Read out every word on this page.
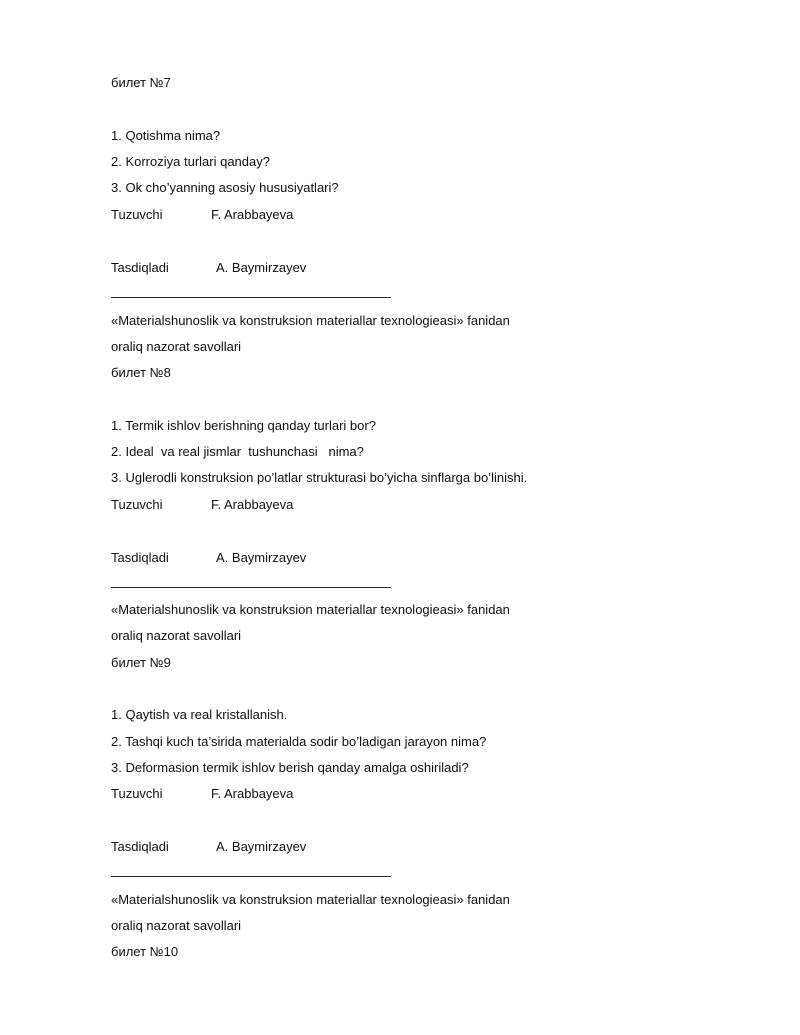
билет №7
1. Qotishma nima?
2. Korroziya turlari qanday?
3. Ok cho’yanning asosiy hususiyatlari?
Tuzuvchi	F. Arabbayeva
Tasdiqladi	A. Baymirzayev
«Materialshunoslik va konstruksion materiallar texnologieasi» fanidan
oraliq nazorat savollari
билет №8
1. Termik ishlov berishning qanday turlari bor?
2. Ideal  va real jismlar  tushunchasi   nima?
3. Uglerodli konstruksion po’latlar strukturasi bo’yicha sinflarga bo’linishi.
Tuzuvchi	F. Arabbayeva
Tasdiqladi	A. Baymirzayev
«Materialshunoslik va konstruksion materiallar texnologieasi» fanidan
oraliq nazorat savollari
билет №9
1. Qaytish va real kristallanish.
2. Tashqi kuch ta’sirida materialda sodir bo’ladigan jarayon nima?
3. Deformasion termik ishlov berish qanday amalga oshiriladi?
Tuzuvchi	F. Arabbayeva
Tasdiqladi	A. Baymirzayev
«Materialshunoslik va konstruksion materiallar texnologieasi» fanidan
oraliq nazorat savollari
билет №10
